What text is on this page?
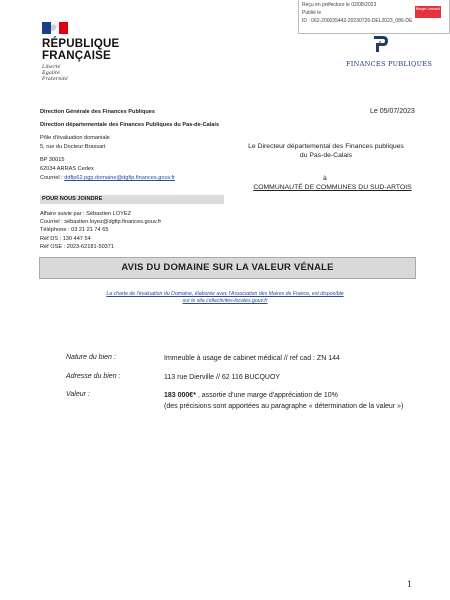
Reçu en préfecture le 02/08/2023
Publié le
ID : 062-200035442-20230726-DEL2023_086-DE
Berger Levrault
RÉPUBLIQUE
FRANÇAISE
Liberté
Égalité
Fraternité
FINANCES PUBLIQUES
Direction Générale des Finances Publiques
Direction départementale des Finances Publiques du Pas-de-Calais
Pôle d'évaluation domaniale
5, rue du Docteur Brassart
BP 30015
62034 ARRAS Cedex
Courriel : ddfip62.pgp.domaine@dgfip.finances.gouv.fr
POUR NOUS JOINDRE
Affaire suivie par : Sébastien LOYEZ
Courriel : sébastien.loyez@dgfip.finances.gouv.fr
Téléphone : 03 21 21 74 65
Réf DS : 130 447 54
Réf OSE : 2023-62181-50371
Le 05/07/2023
Le Directeur départemental des Finances publiques du Pas-de-Calais
à
COMMUNAUTÉ DE COMMUNES DU SUD-ARTOIS
AVIS DU DOMAINE SUR LA VALEUR VÉNALE
La charte de l'évaluation du Domaine, élaborée avec l'Association des Maires de France, est disponible
sur le site collectivites-locales.gouv.fr
Nature du bien :	Immeuble à usage de cabinet médical // ref cad : ZN 144
Adresse du bien :	113 rue Dierville // 62 116 BUCQUOY
Valeur :	183 000€* , assortie d'une marge d'appréciation de 10%
(des précisions sont apportées au paragraphe « détermination de la valeur »)
1
